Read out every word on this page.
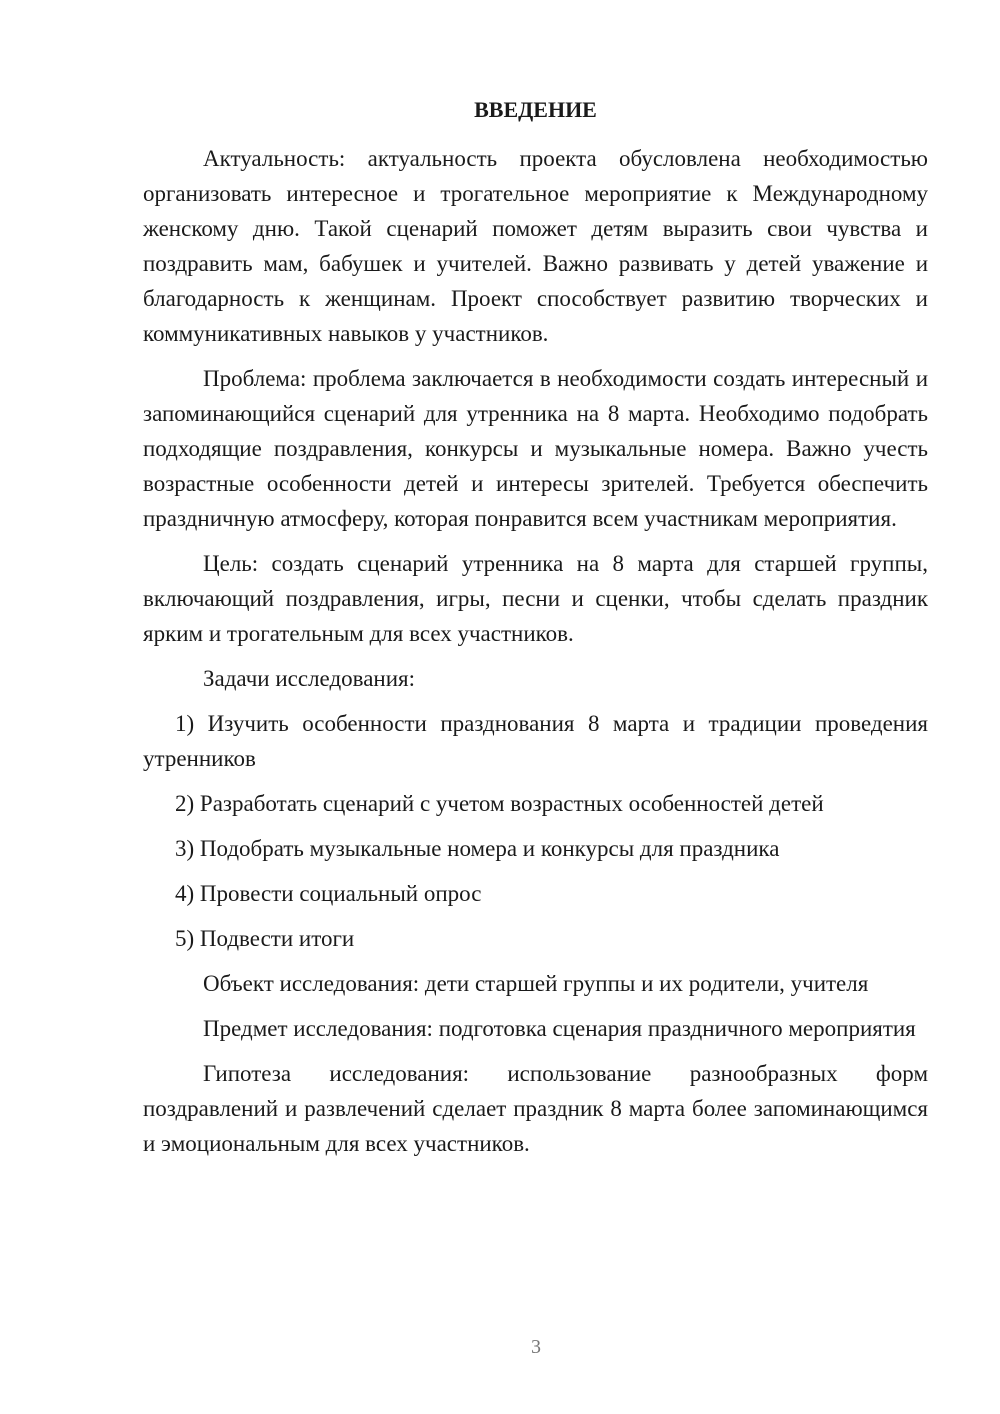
ВВЕДЕНИЕ

Актуальность: актуальность проекта обусловлена необходимостью организовать интересное и трогательное мероприятие к Международному женскому дню. Такой сценарий поможет детям выразить свои чувства и поздравить мам, бабушек и учителей. Важно развивать у детей уважение и благодарность к женщинам. Проект способствует развитию творческих и коммуникативных навыков у участников.

Проблема: проблема заключается в необходимости создать интересный и запоминающийся сценарий для утренника на 8 марта. Необходимо подобрать подходящие поздравления, конкурсы и музыкальные номера. Важно учесть возрастные особенности детей и интересы зрителей. Требуется обеспечить праздничную атмосферу, которая понравится всем участникам мероприятия.

Цель: создать сценарий утренника на 8 марта для старшей группы, включающий поздравления, игры, песни и сценки, чтобы сделать праздник ярким и трогательным для всех участников.

Задачи исследования:

1) Изучить особенности празднования 8 марта и традиции проведения утренников

2) Разработать сценарий с учетом возрастных особенностей детей

3) Подобрать музыкальные номера и конкурсы для праздника

4) Провести социальный опрос

5) Подвести итоги

Объект исследования: дети старшей группы и их родители, учителя

Предмет исследования: подготовка сценария праздничного мероприятия

Гипотеза исследования: использование разнообразных форм поздравлений и развлечений сделает праздник 8 марта более запоминающимся и эмоциональным для всех участников.

3
